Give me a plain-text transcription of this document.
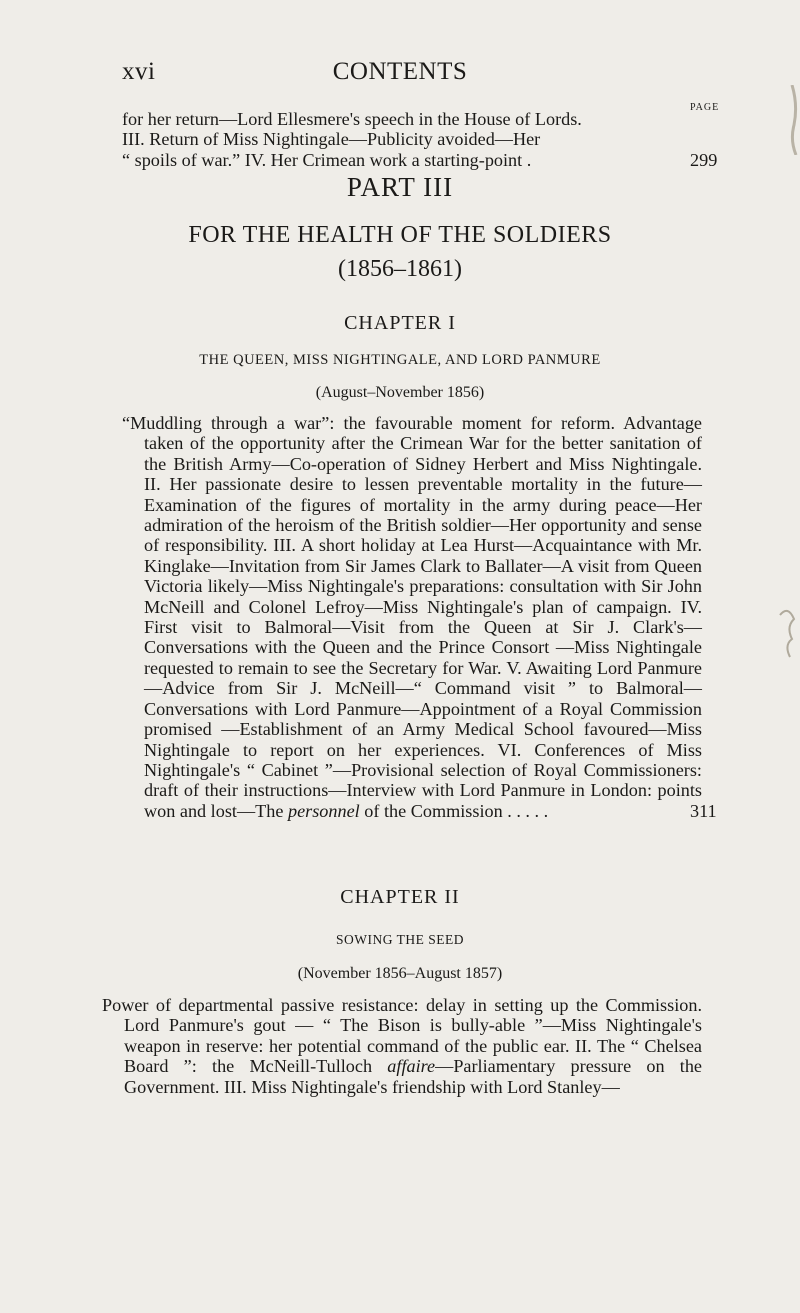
xvi	CONTENTS
PAGE
for her return—Lord Ellesmere's speech in the House of Lords.
III. Return of Miss Nightingale—Publicity avoided—Her
“ spoils of war.” IV. Her Crimean work a starting-point .	299
PART III
FOR THE HEALTH OF THE SOLDIERS
(1856–1861)
CHAPTER I
THE QUEEN, MISS NIGHTINGALE, AND LORD PANMURE
(August–November 1856)
“Muddling through a war”: the favourable moment for reform. Advantage taken of the opportunity after the Crimean War for the better sanitation of the British Army—Co-operation of Sidney Herbert and Miss Nightingale. II. Her passionate desire to lessen preventable mortality in the future—Examination of the figures of mortality in the army during peace—Her admiration of the heroism of the British soldier—Her opportunity and sense of responsibility. III. A short holiday at Lea Hurst—Acquaintance with Mr. Kinglake—Invitation from Sir James Clark to Ballater—A visit from Queen Victoria likely—Miss Nightingale's preparations: consultation with Sir John McNeill and Colonel Lefroy—Miss Nightingale's plan of campaign. IV. First visit to Balmoral—Visit from the Queen at Sir J. Clark's—Conversations with the Queen and the Prince Consort —Miss Nightingale requested to remain to see the Secretary for War. V. Awaiting Lord Panmure—Advice from Sir J. McNeill—“ Command visit ” to Balmoral—Conversations with Lord Panmure—Appointment of a Royal Commission promised —Establishment of an Army Medical School favoured—Miss Nightingale to report on her experiences. VI. Conferences of Miss Nightingale's “ Cabinet ”—Provisional selection of Royal Commissioners: draft of their instructions—Interview with Lord Panmure in London: points won and lost—The personnel of the Commission . . . . .	311
CHAPTER II
SOWING THE SEED
(November 1856–August 1857)
Power of departmental passive resistance: delay in setting up the Commission. Lord Panmure's gout — “ The Bison is bully-able ”—Miss Nightingale's weapon in reserve: her potential command of the public ear. II. The “ Chelsea Board ”: the McNeill-Tulloch affaire—Parliamentary pressure on the Government. III. Miss Nightingale's friendship with Lord Stanley—
